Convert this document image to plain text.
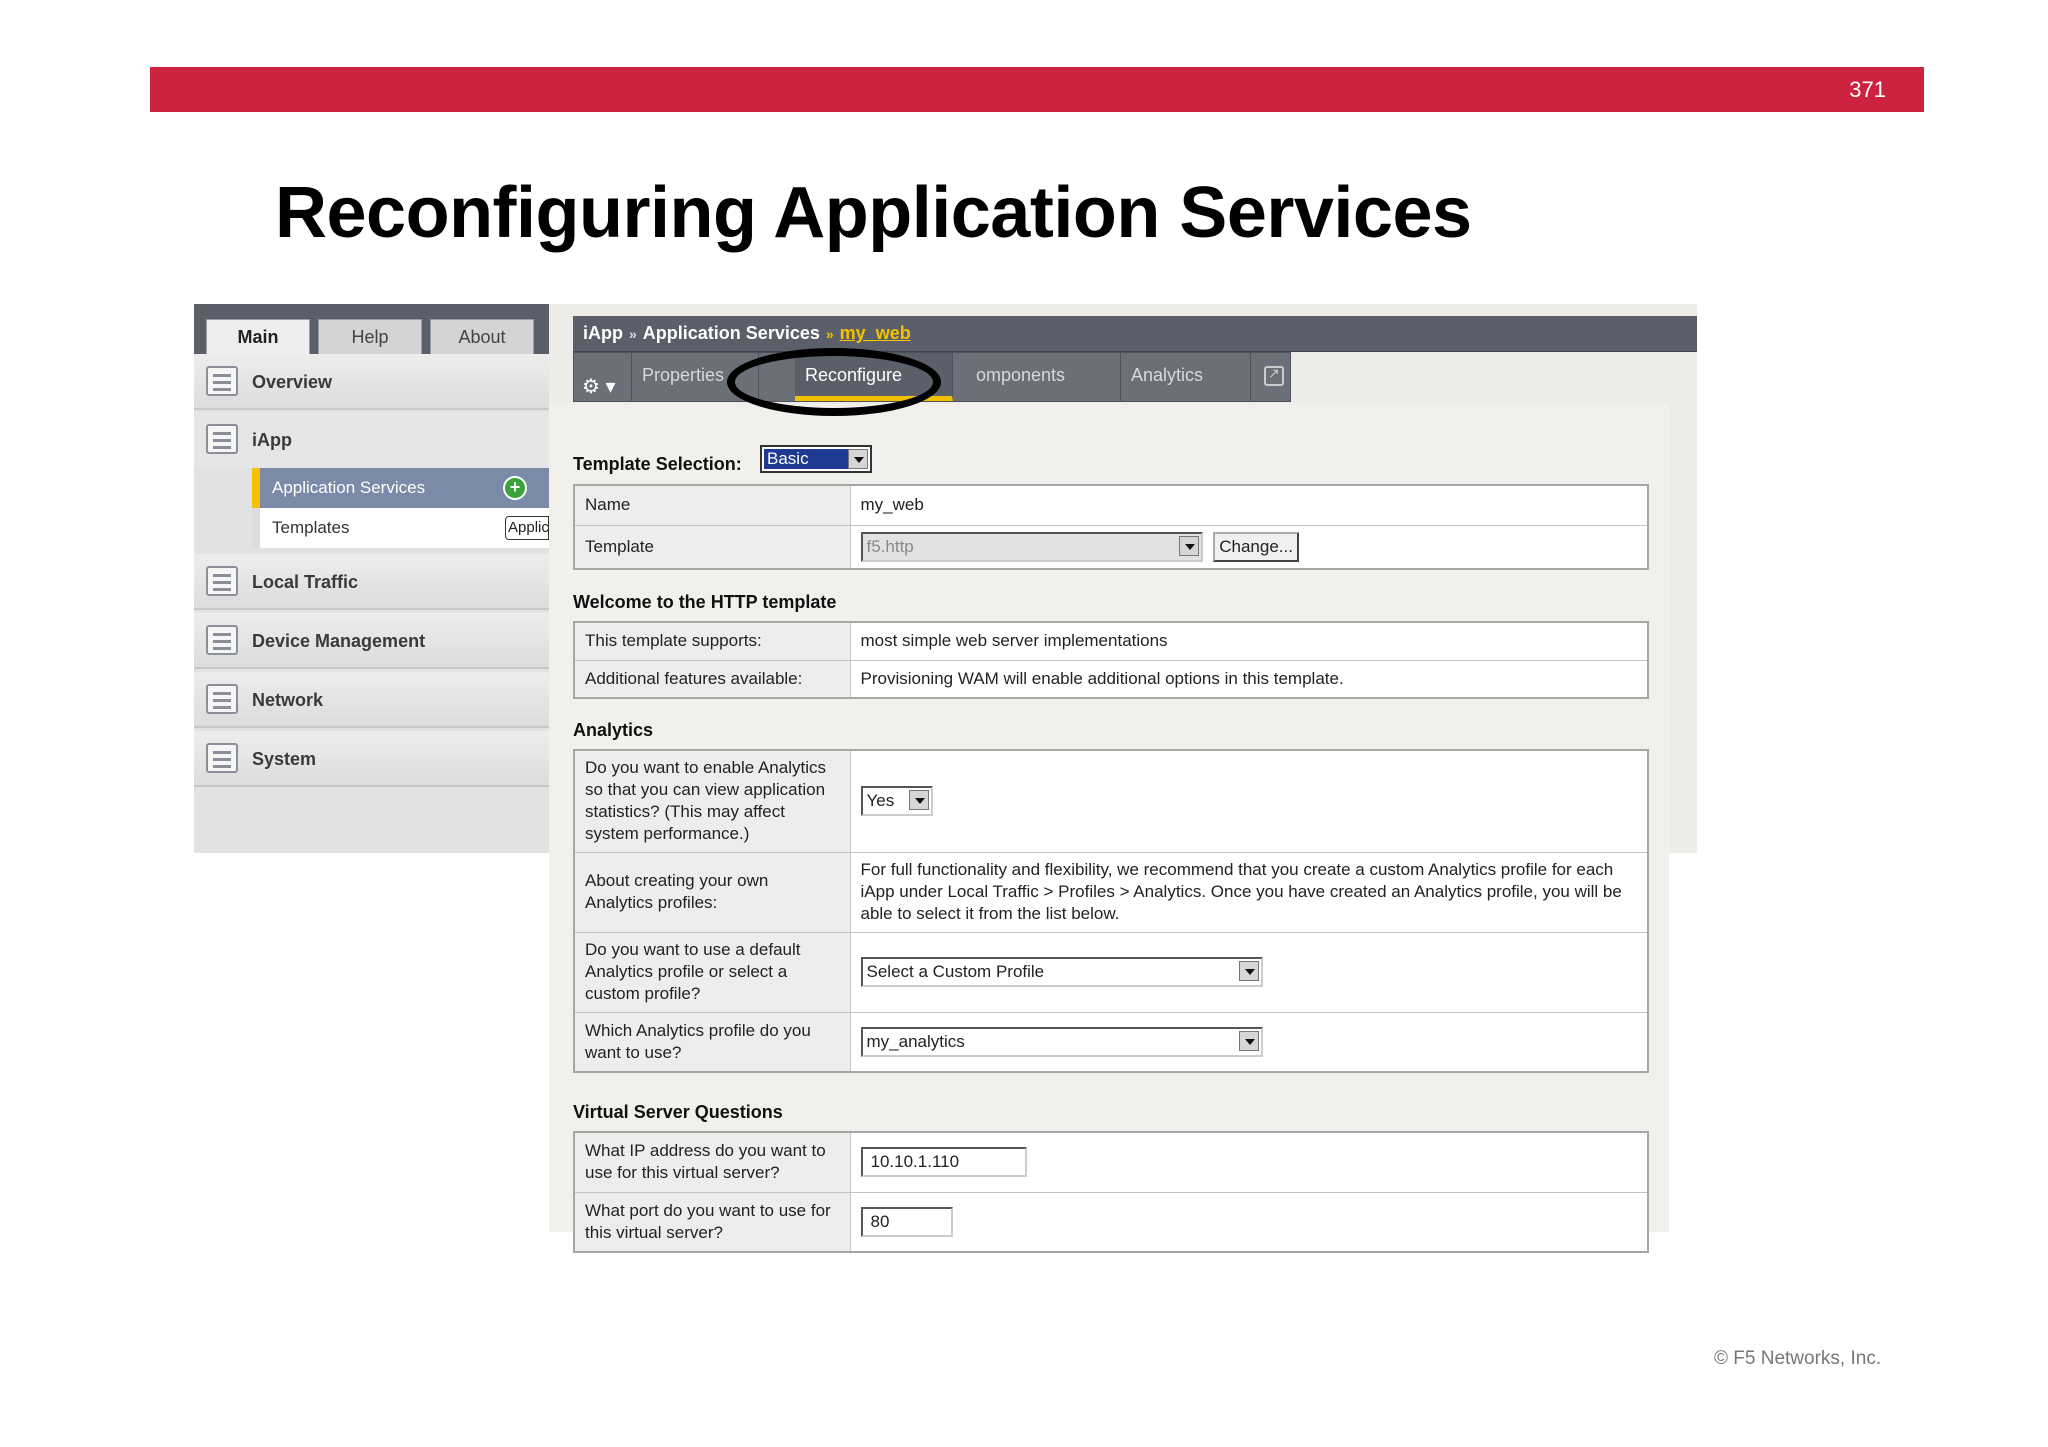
371
Reconfiguring Application Services
Main	Help	About
Overview
iApp
Application Services	+
Templates	Applic
Local Traffic
Device Management
Network
System
iApp » Application Services » my_web
⚙ ▾
Properties	Reconfigure	omponents	Analytics
↗
Template Selection: Basic
Name	my_web
Template	f5.http Change...
Welcome to the HTTP template
This template supports:	most simple web server implementations
Additional features available:	Provisioning WAM will enable additional options in this template.
Analytics
Do you want to enable Analytics so that you can view application statistics? (This may affect system performance.)	Yes

About creating your own Analytics profiles:	For full functionality and flexibility, we recommend that you create a custom Analytics profile for each iApp under Local Traffic > Profiles > Analytics. Once you have created an Analytics profile, you will be able to select it from the list below.
Do you want to use a default Analytics profile or select a custom profile?	Select a Custom Profile

Which Analytics profile do you want to use?	my_analytics
Virtual Server Questions
What IP address do you want to use for this virtual server?	10.10.1.110
What port do you want to use for this virtual server?	80
© F5 Networks, Inc.
